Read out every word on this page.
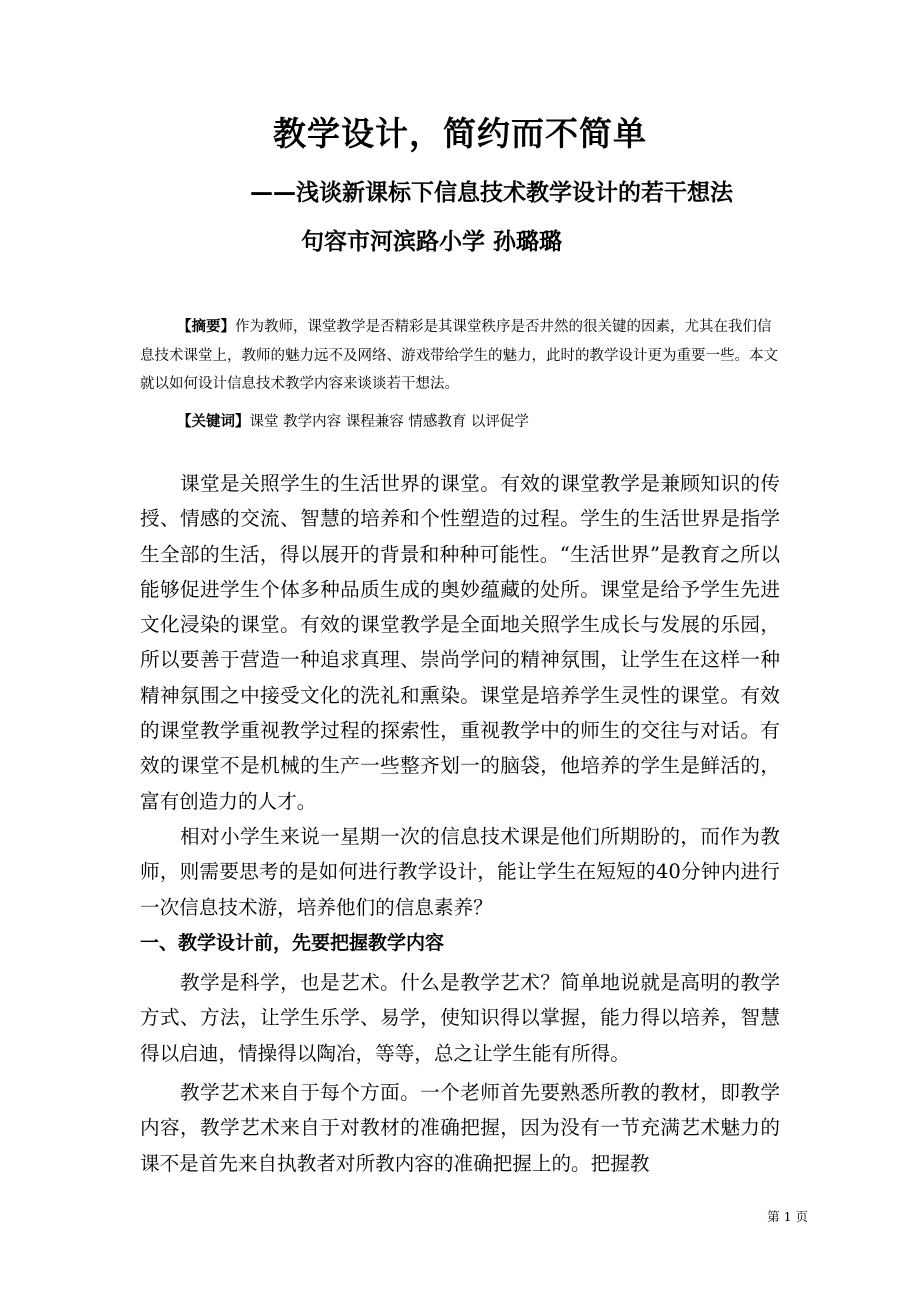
教学设计，简约而不简单
——浅谈新课标下信息技术教学设计的若干想法
句容市河滨路小学 孙璐璐

【摘要】作为教师，课堂教学是否精彩是其课堂秩序是否井然的很关键的因素，尤其在我们信息技术课堂上，教师的魅力远不及网络、游戏带给学生的魅力，此时的教学设计更为重要一些。本文就以如何设计信息技术教学内容来谈谈若干想法。

【关键词】课堂 教学内容 课程兼容 情感教育 以评促学

课堂是关照学生的生活世界的课堂。有效的课堂教学是兼顾知识的传授、情感的交流、智慧的培养和个性塑造的过程。学生的生活世界是指学生全部的生活，得以展开的背景和种种可能性。“生活世界”是教育之所以能够促进学生个体多种品质生成的奥妙蕴藏的处所。课堂是给予学生先进文化浸染的课堂。有效的课堂教学是全面地关照学生成长与发展的乐园，所以要善于营造一种追求真理、崇尚学问的精神氛围，让学生在这样一种精神氛围之中接受文化的洗礼和熏染。课堂是培养学生灵性的课堂。有效的课堂教学重视教学过程的探索性，重视教学中的师生的交往与对话。有效的课堂不是机械的生产一些整齐划一的脑袋，他培养的学生是鲜活的，富有创造力的人才。

相对小学生来说一星期一次的信息技术课是他们所期盼的，而作为教师，则需要思考的是如何进行教学设计，能让学生在短短的40分钟内进行一次信息技术游，培养他们的信息素养？

一、教学设计前，先要把握教学内容

教学是科学，也是艺术。什么是教学艺术？简单地说就是高明的教学方式、方法，让学生乐学、易学，使知识得以掌握，能力得以培养，智慧得以启迪，情操得以陶冶，等等，总之让学生能有所得。

教学艺术来自于每个方面。一个老师首先要熟悉所教的教材，即教学内容，教学艺术来自于对教材的准确把握，因为没有一节充满艺术魅力的课不是首先来自执教者对所教内容的准确把握上的。把握教

第 1 页
